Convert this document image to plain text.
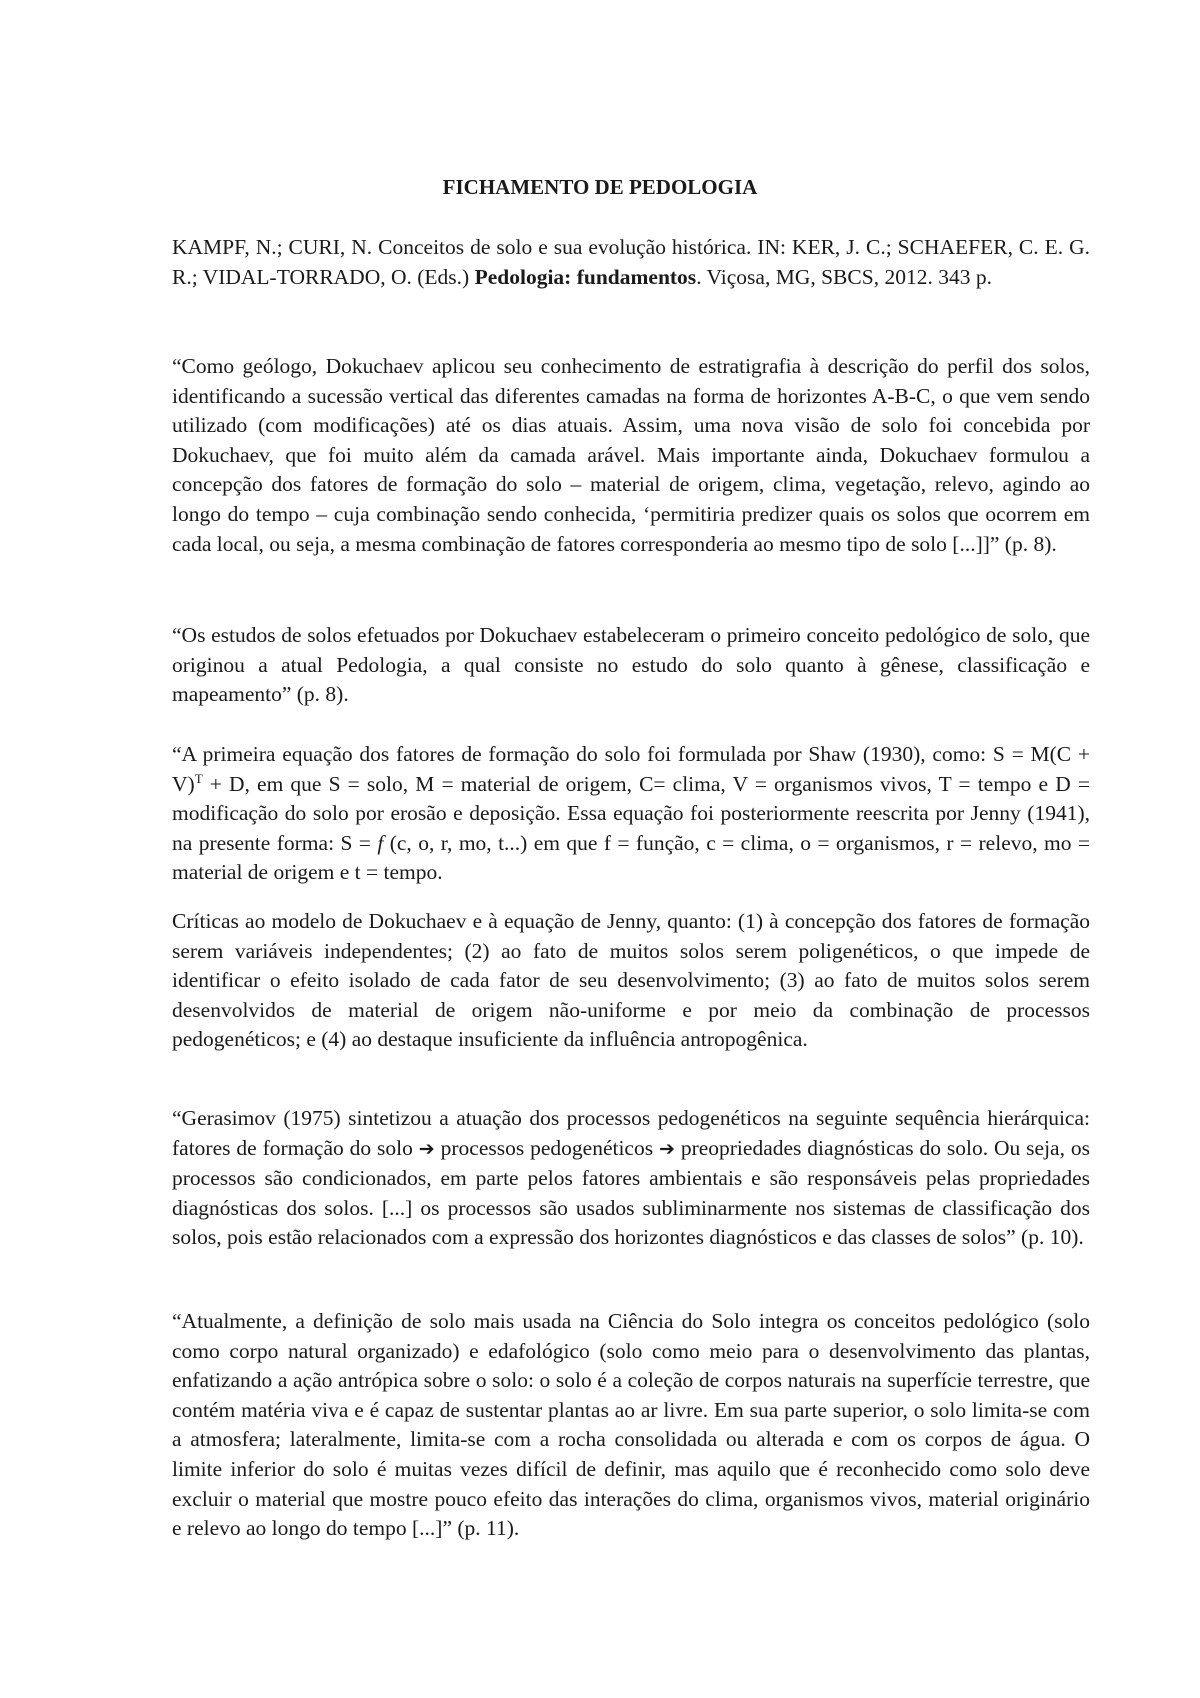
FICHAMENTO DE PEDOLOGIA

KAMPF, N.; CURI, N. Conceitos de solo e sua evolução histórica. IN: KER, J. C.; SCHAEFER, C. E. G. R.; VIDAL-TORRADO, O. (Eds.) Pedologia: fundamentos. Viçosa, MG, SBCS, 2012. 343 p.

“Como geólogo, Dokuchaev aplicou seu conhecimento de estratigrafia à descrição do perfil dos solos, identificando a sucessão vertical das diferentes camadas na forma de horizontes A-B-C, o que vem sendo utilizado (com modificações) até os dias atuais. Assim, uma nova visão de solo foi concebida por Dokuchaev, que foi muito além da camada arável. Mais importante ainda, Dokuchaev formulou a concepção dos fatores de formação do solo – material de origem, clima, vegetação, relevo, agindo ao longo do tempo – cuja combinação sendo conhecida, ‘permitiria predizer quais os solos que ocorrem em cada local, ou seja, a mesma combinação de fatores corresponderia ao mesmo tipo de solo [...]]” (p. 8).

“Os estudos de solos efetuados por Dokuchaev estabeleceram o primeiro conceito pedológico de solo, que originou a atual Pedologia, a qual consiste no estudo do solo quanto à gênese, classificação e mapeamento” (p. 8).

“A primeira equação dos fatores de formação do solo foi formulada por Shaw (1930), como: $S = M(C + V)^T + D$, em que S = solo, M = material de origem, C= clima, V = organismos vivos, T = tempo e D = modificação do solo por erosão e deposição. Essa equação foi posteriormente reescrita por Jenny (1941), na presente forma: S = f (c, o, r, mo, t...) em que f = função, c = clima, o = organismos, r = relevo, mo = material de origem e t = tempo.

Críticas ao modelo de Dokuchaev e à equação de Jenny, quanto: (1) à concepção dos fatores de formação serem variáveis independentes; (2) ao fato de muitos solos serem poligenéticos, o que impede de identificar o efeito isolado de cada fator de seu desenvolvimento; (3) ao fato de muitos solos serem desenvolvidos de material de origem não-uniforme e por meio da combinação de processos pedogenéticos; e (4) ao destaque insuficiente da influência antropogênica.

“Gerasimov (1975) sintetizou a atuação dos processos pedogenéticos na seguinte sequência hierárquica: fatores de formação do solo ➔ processos pedogenéticos ➔ preopriedades diagnósticas do solo. Ou seja, os processos são condicionados, em parte pelos fatores ambientais e são responsáveis pelas propriedades diagnósticas dos solos. [...] os processos são usados subliminarmente nos sistemas de classificação dos solos, pois estão relacionados com a expressão dos horizontes diagnósticos e das classes de solos” (p. 10).

“Atualmente, a definição de solo mais usada na Ciência do Solo integra os conceitos pedológico (solo como corpo natural organizado) e edafológico (solo como meio para o desenvolvimento das plantas, enfatizando a ação antrópica sobre o solo: o solo é a coleção de corpos naturais na superfície terrestre, que contém matéria viva e é capaz de sustentar plantas ao ar livre. Em sua parte superior, o solo limita-se com a atmosfera; lateralmente, limita-se com a rocha consolidada ou alterada e com os corpos de água. O limite inferior do solo é muitas vezes difícil de definir, mas aquilo que é reconhecido como solo deve excluir o material que mostre pouco efeito das interações do clima, organismos vivos, material originário e relevo ao longo do tempo [...]” (p. 11).
